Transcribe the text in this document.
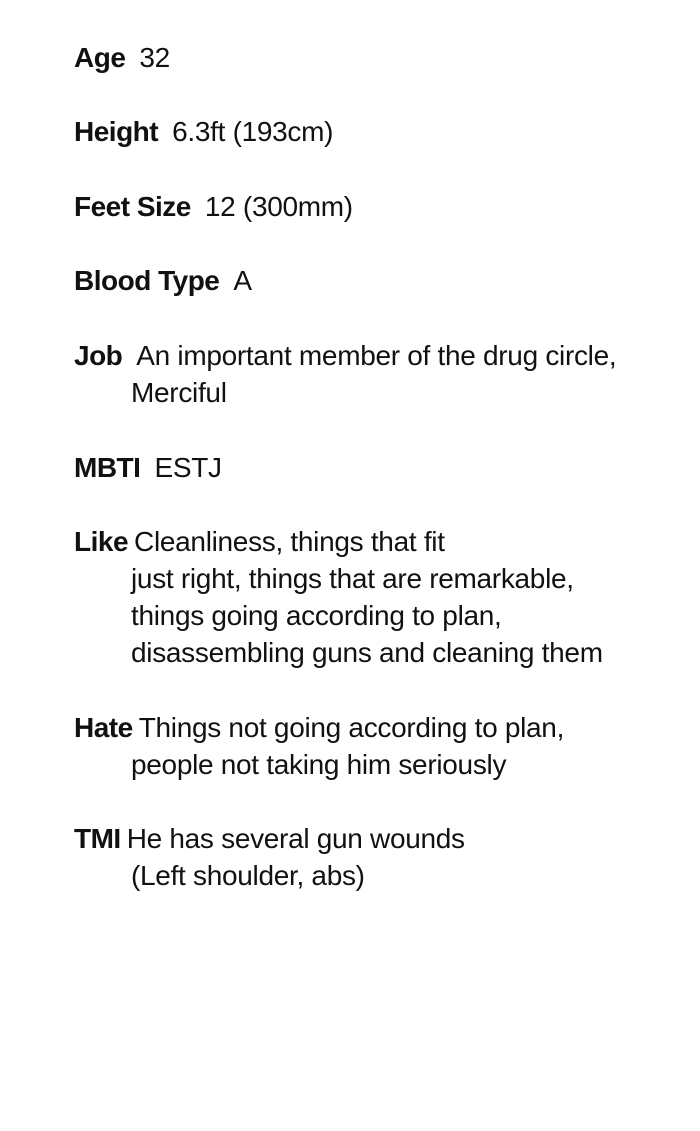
Age 32
Height 6.3ft (193cm)
Feet Size 12 (300mm)
Blood Type A
Job An important member of the drug circle,
Merciful
MBTI ESTJ
Like Cleanliness, things that fit
just right, things that are remarkable,
things going according to plan,
disassembling guns and cleaning them
Hate Things not going according to plan,
people not taking him seriously
TMI He has several gun wounds
(Left shoulder, abs)
